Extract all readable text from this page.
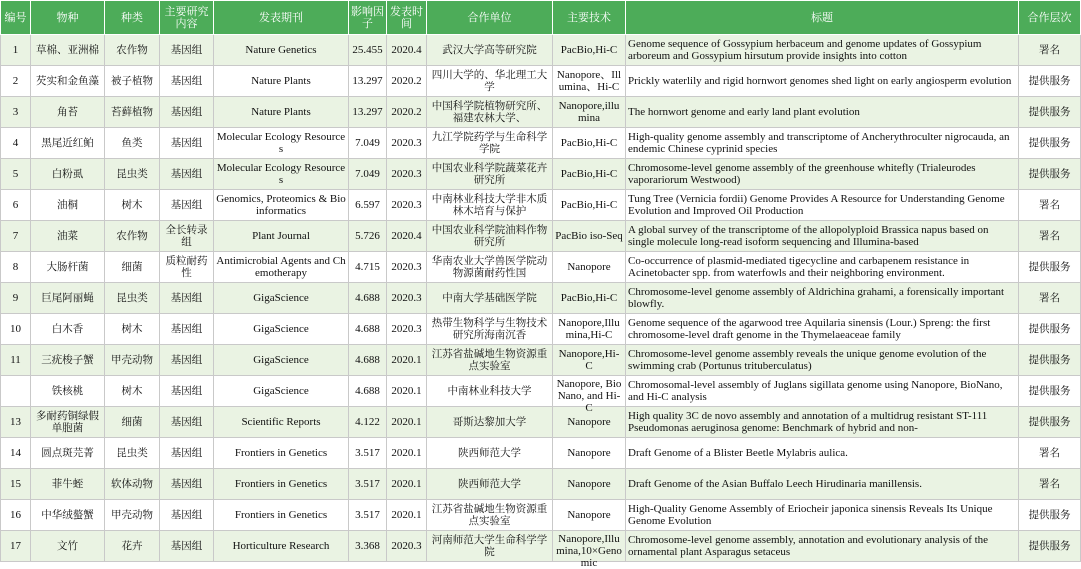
编号	物种	种类	主要研究内容	发表期刊	影响因子	发表时间	合作单位	主要技术	标题	合作层次

1	草棉、亚洲棉	农作物	基因组	Nature Genetics	25.455	2020.4	武汉大学高等研究院	PacBio,Hi-C	Genome sequence of Gossypium herbaceum and genome updates of Gossypium arboreum and Gossypium hirsutum provide insights into cotton	署名

2	芡实和金鱼藻	被子植物	基因组	Nature Plants	13.297	2020.2	四川大学的、华北理工大学	Nanopore、Illumina、Hi-C	Prickly waterlily and rigid hornwort genomes shed light on early angiosperm evolution	提供服务

3	角苔	苔藓植物	基因组	Nature Plants	13.297	2020.2	中国科学院植物研究所、福建农林大学、	Nanopore,illumina	The hornwort genome and early land plant evolution	提供服务

4	黑尾近红鲌	鱼类	基因组	Molecular Ecology Resources	7.049	2020.3	九江学院药学与生命科学学院	PacBio,Hi-C	High-quality genome assembly and transcriptome of Ancherythroculter nigrocauda, an endemic Chinese cyprinid species	提供服务

5	白粉虱	昆虫类	基因组	Molecular Ecology Resources	7.049	2020.3	中国农业科学院蔬菜花卉研究所	PacBio,Hi-C	Chromosome-level genome assembly of the greenhouse whitefly (Trialeurodes vaporariorum Westwood)	提供服务

6	油桐	树木	基因组	Genomics, Proteomics & Bioinformatics	6.597	2020.3	中南林业科技大学非木质林木培育与保护	PacBio,Hi-C	Tung Tree (Vernicia fordii) Genome Provides A Resource for Understanding Genome Evolution and Improved Oil Production	署名

7	油菜	农作物	全长转录组	Plant Journal	5.726	2020.4	中国农业科学院油料作物研究所	PacBio iso-Seq	A global survey of the transcriptome of the allopolyploid Brassica napus based on single molecule long-read isoform sequencing and Illumina-based	署名

8	大肠杆菌	细菌	质粒耐药性	Antimicrobial Agents and Chemotherapy	4.715	2020.3	华南农业大学兽医学院动物源菌耐药性国	Nanopore	Co-occurrence of plasmid-mediated tigecycline and carbapenem resistance in Acinetobacter spp. from waterfowls and their neighboring environment.	提供服务

9	巨尾阿丽蝇	昆虫类	基因组	GigaScience	4.688	2020.3	中南大学基础医学院	PacBio,Hi-C	Chromosome-level genome assembly of Aldrichina grahami, a forensically important blowfly.	署名

10	白木香	树木	基因组	GigaScience	4.688	2020.3	热带生物科学与生物技术研究所海南沉香	Nanopore,Illumina,Hi-C	Genome sequence of the agarwood tree Aquilaria sinensis (Lour.) Spreng: the first chromosome-level draft genome in the Thymelaeaceae family	提供服务

11	三疣梭子蟹	甲壳动物	基因组	GigaScience	4.688	2020.1	江苏省盐碱地生物资源重点实验室	Nanopore,Hi-C	Chromosome-level genome assembly reveals the unique genome evolution of the swimming crab (Portunus trituberculatus)	提供服务

	铁核桃	树木	基因组	GigaScience	4.688	2020.1	中南林业科技大学	Nanopore, BioNano, and Hi-C	Chromosomal-level assembly of Juglans sigillata genome using Nanopore, BioNano, and Hi-C analysis	提供服务

13	多耐药铜绿假单胞菌	细菌	基因组	Scientific Reports	4.122	2020.1	哥斯达黎加大学	Nanopore	High quality 3C de novo assembly and annotation of a multidrug resistant ST-111 Pseudomonas aeruginosa genome: Benchmark of hybrid and non-	提供服务

14	圆点斑芫菁	昆虫类	基因组	Frontiers in Genetics	3.517	2020.1	陕西师范大学	Nanopore	Draft Genome of a Blister Beetle Mylabris aulica.	署名

15	菲牛蛭	软体动物	基因组	Frontiers in Genetics	3.517	2020.1	陕西师范大学	Nanopore	Draft Genome of the Asian Buffalo Leech Hirudinaria manillensis.	署名

16	中华绒螯蟹	甲壳动物	基因组	Frontiers in Genetics	3.517	2020.1	江苏省盐碱地生物资源重点实验室	Nanopore	High-Quality Genome Assembly of Eriocheir japonica sinensis Reveals Its Unique Genome Evolution	提供服务

17	文竹	花卉	基因组	Horticulture Research	3.368	2020.3	河南师范大学生命科学学院	Nanopore,Illumina,10×Genomic	Chromosome-level genome assembly, annotation and evolutionary analysis of the ornamental plant Asparagus setaceus	提供服务
